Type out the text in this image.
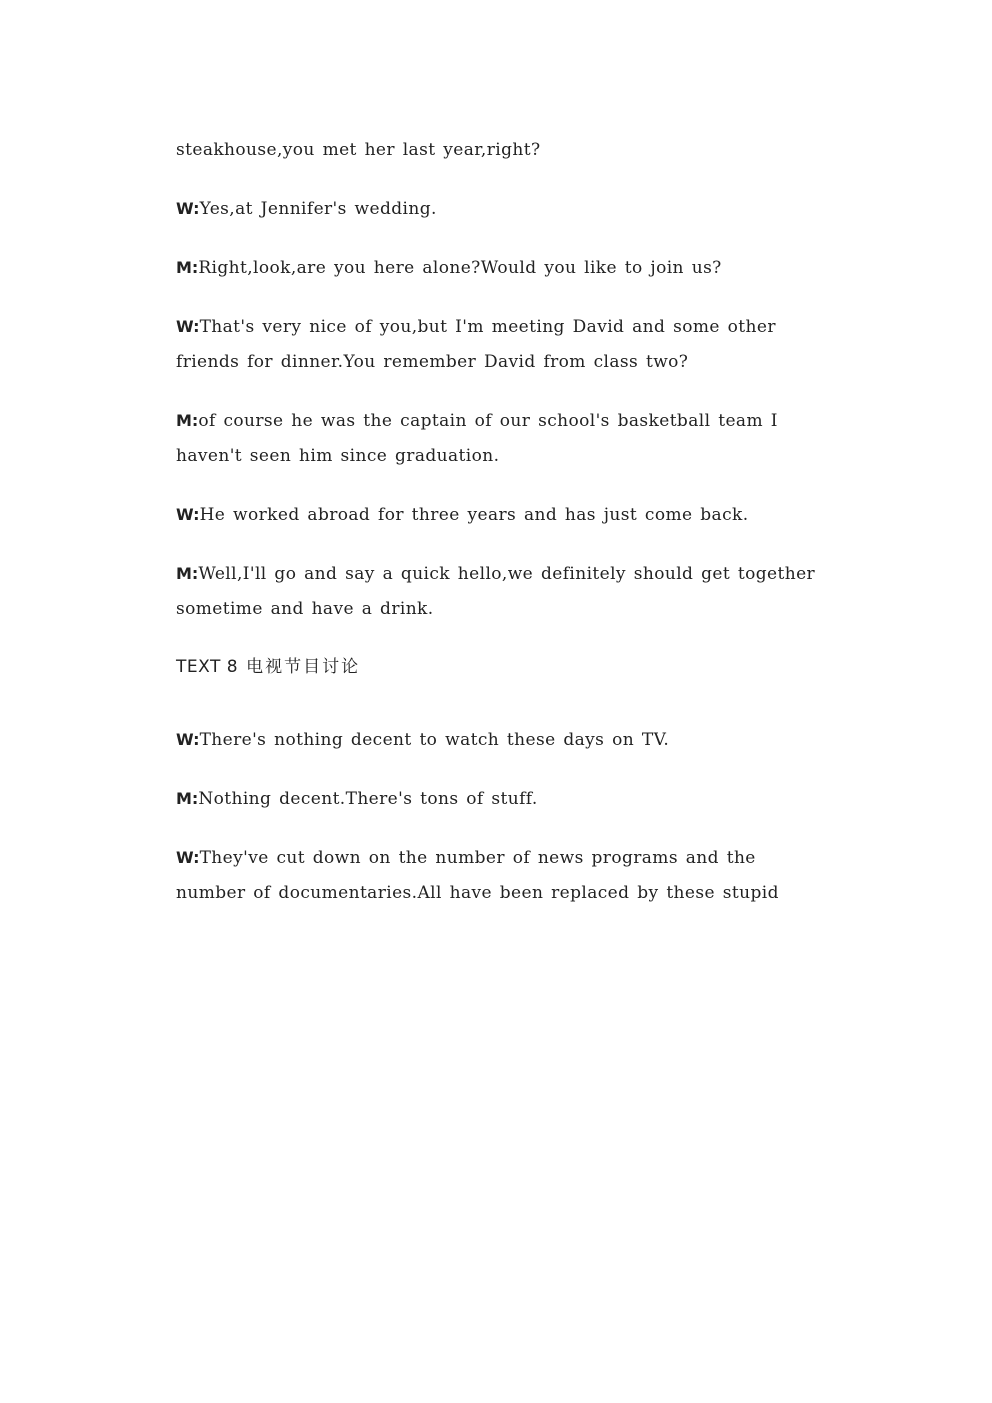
steakhouse,you met her last year,right?

W:Yes,at Jennifer's wedding.

M:Right,look,are you here alone?Would you like to join us?

W:That's very nice of you,but I'm meeting David and some other friends for dinner.You remember David from class two?

M:of course he was the captain of our school's basketball team I haven't seen him since graduation.

W:He worked abroad for three years and has just come back.

M:Well,I'll go and say a quick hello,we definitely should get together sometime and have a drink.

TEXT 8 电视节目讨论

W:There's nothing decent to watch these days on TV.

M:Nothing decent.There's tons of stuff.

W:They've cut down on the number of news programs and the number of documentaries.All have been replaced by these stupid
